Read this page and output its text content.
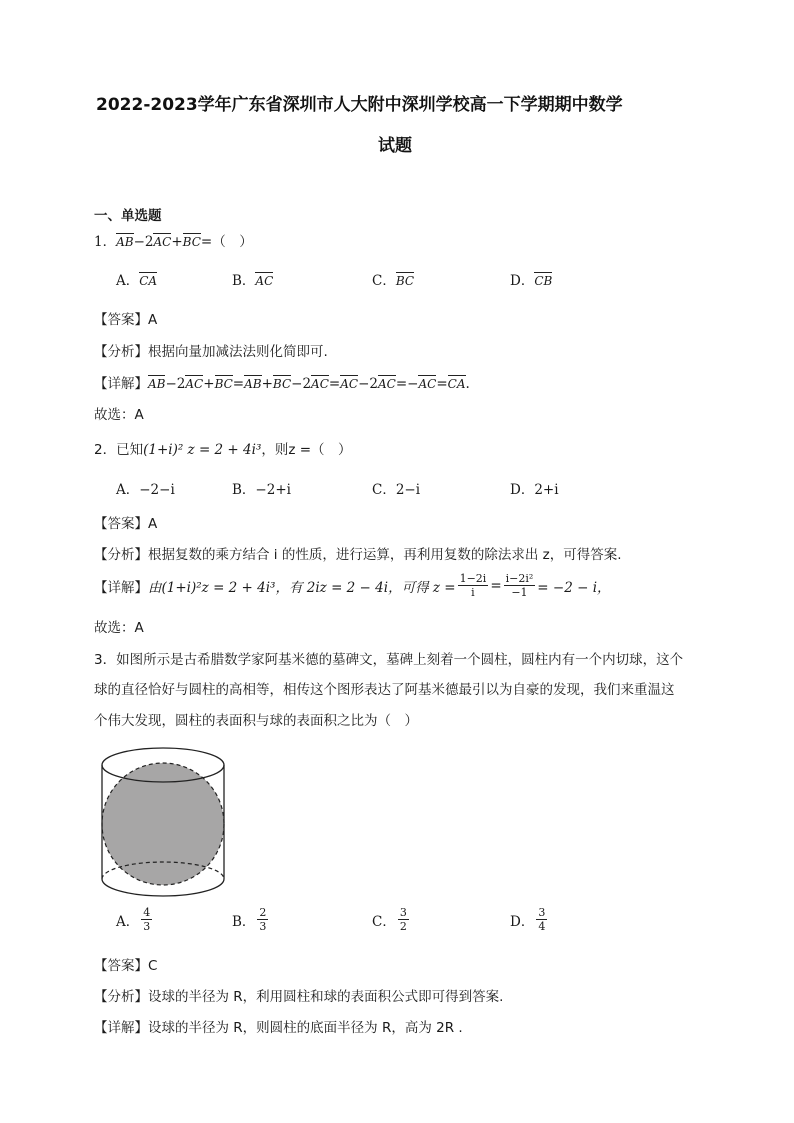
2022-2023学年广东省深圳市人大附中深圳学校高一下学期期中数学
试题
一、单选题
1．AB−2AC+BC=（　）
A．CA	B．AC	C．BC	D．CB
【答案】A
【分析】根据向量加减法法则化简即可.
【详解】AB−2AC+BC=AB+BC−2AC=AC−2AC=−AC=CA.
故选：A
2．已知(1+i)² z = 2 + 4i³，则z =（　）
A．−2−i	B．−2+i	C．2−i	D．2+i
【答案】A
【分析】根据复数的乘方结合 i 的性质，进行运算，再利用复数的除法求出 z，可得答案.
【详解】 由(1+i)²z = 2 + 4i³，有 2iz = 2 − 4i，可得 $z = \frac{1-2i}{i} = \frac{\text{i−2i²}}{-1} = -2 - i$，
故选：A
3．如图所示是古希腊数学家阿基米德的墓碑文，墓碑上刻着一个圆柱，圆柱内有一个内切球，这个
球的直径恰好与圆柱的高相等，相传这个图形表达了阿基米德最引以为自豪的发现，我们来重温这
个伟大发现，圆柱的表面积与球的表面积之比为（　）
A． $\frac{4}{3}$	B． $\frac{2}{3}$	C． $\frac{3}{2}$	D． $\frac{3}{4}$
【答案】C
【分析】设球的半径为 R，利用圆柱和球的表面积公式即可得到答案.
【详解】设球的半径为 R，则圆柱的底面半径为 R，高为 2R .
